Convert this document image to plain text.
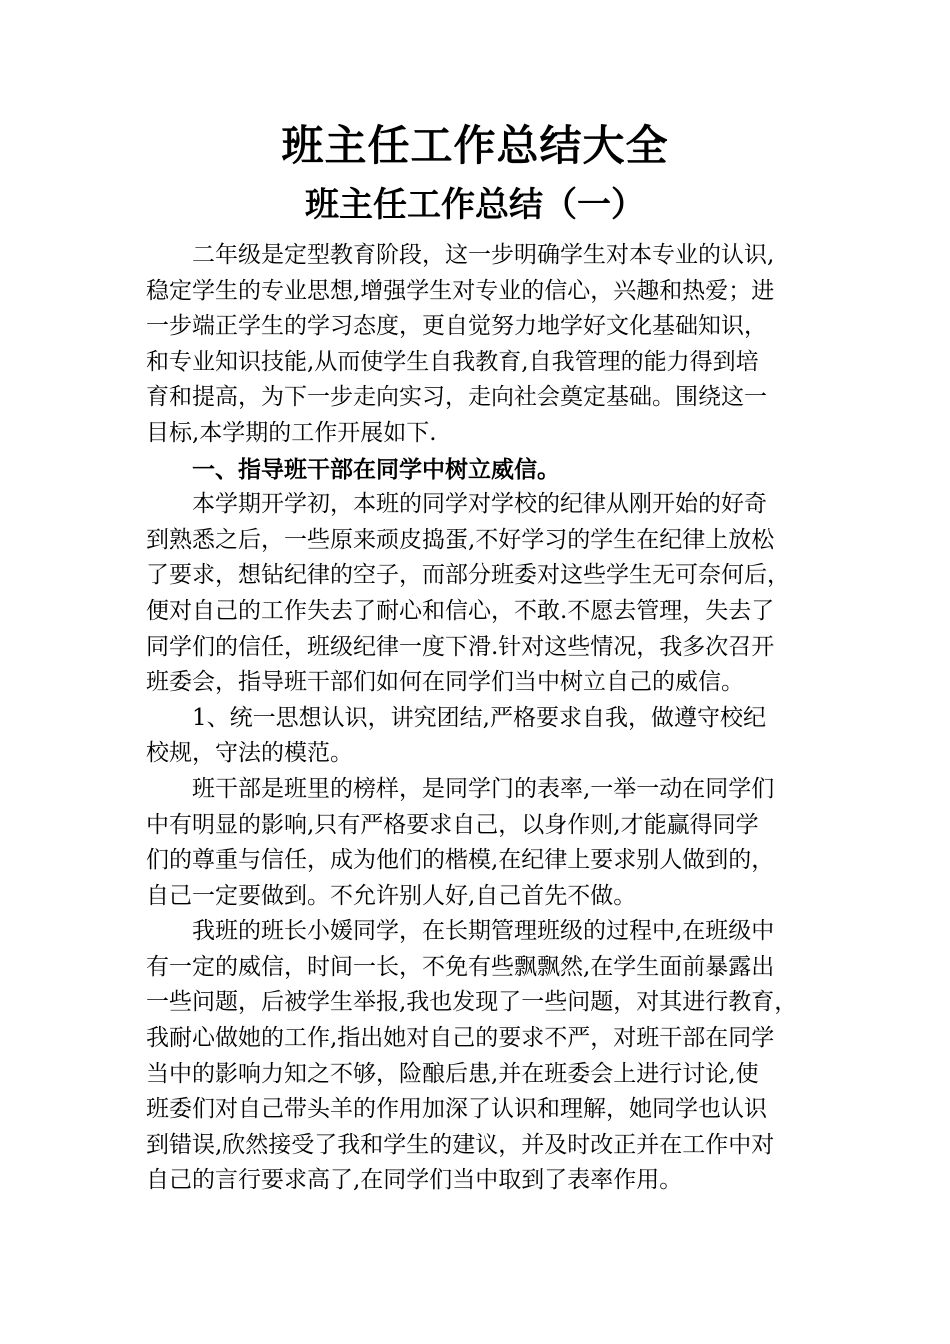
班主任工作总结大全
班主任工作总结（一）
二年级是定型教育阶段，这一步明确学生对本专业的认识,
稳定学生的专业思想,增强学生对专业的信心，兴趣和热爱；进
一步端正学生的学习态度，更自觉努力地学好文化基础知识，
和专业知识技能,从而使学生自我教育,自我管理的能力得到培
育和提高，为下一步走向实习，走向社会奠定基础。围绕这一
目标,本学期的工作开展如下.
一、指导班干部在同学中树立威信。
本学期开学初，本班的同学对学校的纪律从刚开始的好奇
到熟悉之后，一些原来顽皮捣蛋,不好学习的学生在纪律上放松
了要求，想钻纪律的空子，而部分班委对这些学生无可奈何后，
便对自己的工作失去了耐心和信心，不敢.不愿去管理，失去了
同学们的信任，班级纪律一度下滑.针对这些情况，我多次召开
班委会，指导班干部们如何在同学们当中树立自己的威信。
1、统一思想认识，讲究团结,严格要求自我，做遵守校纪
校规，守法的模范。
班干部是班里的榜样，是同学门的表率,一举一动在同学们
中有明显的影响,只有严格要求自己，以身作则,才能赢得同学
们的尊重与信任，成为他们的楷模,在纪律上要求别人做到的，
自己一定要做到。不允许别人好,自己首先不做。
我班的班长小媛同学，在长期管理班级的过程中,在班级中
有一定的威信，时间一长，不免有些飘飘然,在学生面前暴露出
一些问题，后被学生举报,我也发现了一些问题，对其进行教育，
我耐心做她的工作,指出她对自己的要求不严，对班干部在同学
当中的影响力知之不够，险酿后患,并在班委会上进行讨论,使
班委们对自己带头羊的作用加深了认识和理解，她同学也认识
到错误,欣然接受了我和学生的建议，并及时改正并在工作中对
自己的言行要求高了,在同学们当中取到了表率作用。
